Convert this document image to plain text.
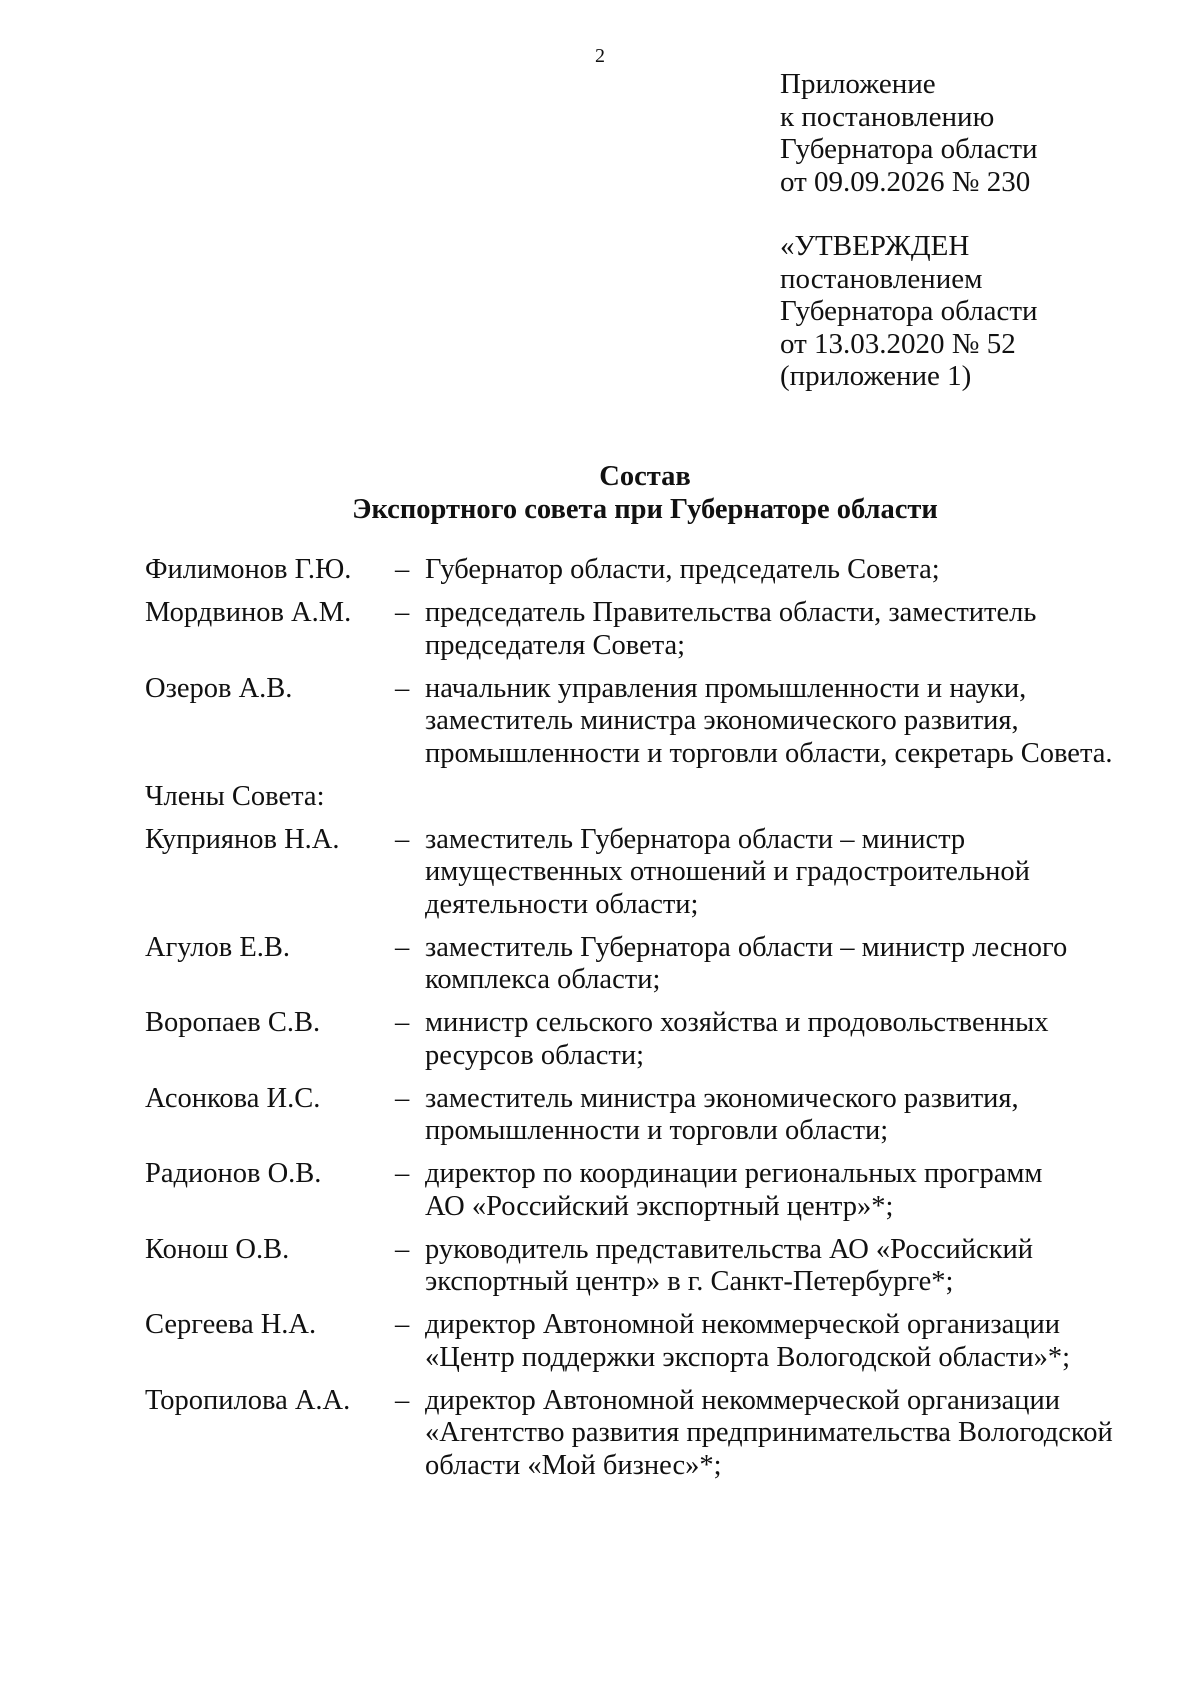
2
Приложение
к постановлению
Губернатора области
от 09.09.2026 № 230
«УТВЕРЖДЕН
постановлением
Губернатора области
от 13.03.2020 № 52
(приложение 1)
Состав
Экспортного совета при Губернаторе области
Филимонов Г.Ю.	– Губернатор области, председатель Совета;
Мордвинов А.М.	– председатель Правительства области, заместитель
председателя Совета;
Озеров А.В.	– начальник управления промышленности и науки,
заместитель министра экономического развития,
промышленности и торговли области, секретарь Совета.
Члены Совета:
Куприянов Н.А.	– заместитель Губернатора области – министр
имущественных отношений и градостроительной
деятельности области;
Агулов Е.В.	– заместитель Губернатора области – министр лесного
комплекса области;
Воропаев С.В.	– министр сельского хозяйства и продовольственных
ресурсов области;
Асонкова И.С.	– заместитель министра экономического развития,
промышленности и торговли области;
Радионов О.В.	– директор по координации региональных программ
АО «Российский экспортный центр»*;
Конош О.В.	– руководитель представительства АО «Российский
экспортный центр» в г. Санкт-Петербурге*;
Сергеева Н.А.	– директор Автономной некоммерческой организации
«Центр поддержки экспорта Вологодской области»*;
Торопилова А.А.	– директор Автономной некоммерческой организации
«Агентство развития предпринимательства Вологодской
области «Мой бизнес»*;
